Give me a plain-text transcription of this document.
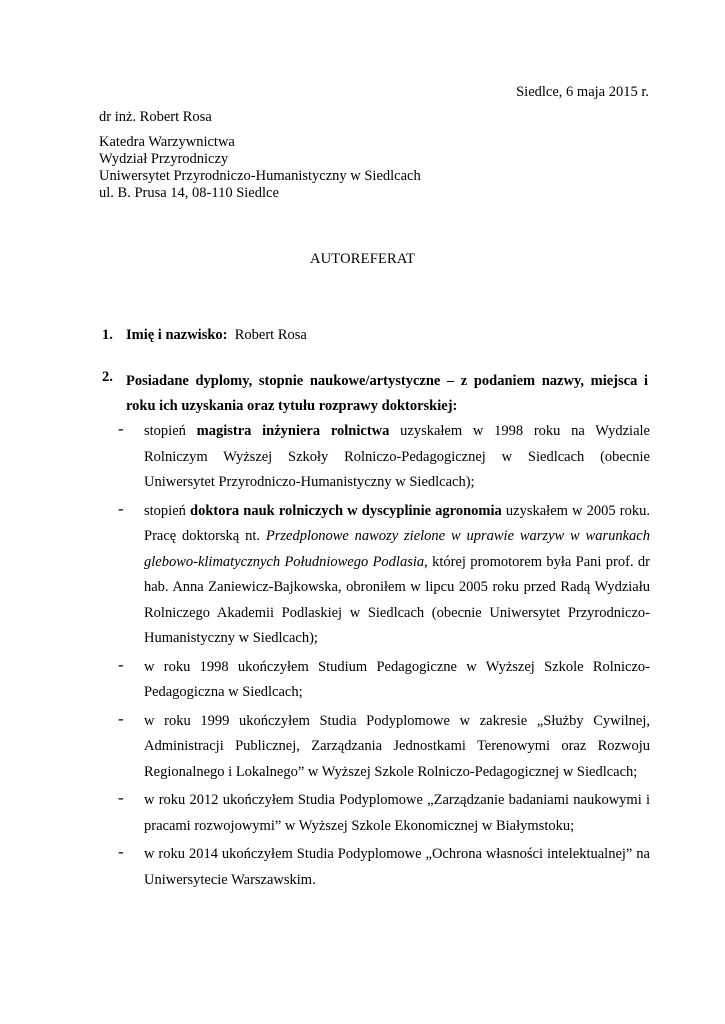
Siedlce, 6 maja 2015 r.
dr inż. Robert Rosa
Katedra Warzywnictwa
Wydział Przyrodniczy
Uniwersytet Przyrodniczo-Humanistyczny w Siedlcach
ul. B. Prusa 14, 08-110 Siedlce
AUTOREFERAT
1. Imię i nazwisko: Robert Rosa
2. Posiadane dyplomy, stopnie naukowe/artystyczne – z podaniem nazwy, miejsca i roku ich uzyskania oraz tytułu rozprawy doktorskiej:
- stopień magistra inżyniera rolnictwa uzyskałem w 1998 roku na Wydziale Rolniczym Wyższej Szkoły Rolniczo-Pedagogicznej w Siedlcach (obecnie Uniwersytet Przyrodniczo-Humanistyczny w Siedlcach);
- stopień doktora nauk rolniczych w dyscyplinie agronomia uzyskałem w 2005 roku. Pracę doktorską nt. Przedplonowe nawozy zielone w uprawie warzyw w warunkach glebowo-klimatycznych Południowego Podlasia, której promotorem była Pani prof. dr hab. Anna Zaniewicz-Bajkowska, obroniłem w lipcu 2005 roku przed Radą Wydziału Rolniczego Akademii Podlaskiej w Siedlcach (obecnie Uniwersytet Przyrodniczo-Humanistyczny w Siedlcach);
- w roku 1998 ukończyłem Studium Pedagogiczne w Wyższej Szkole Rolniczo-Pedagogiczna w Siedlcach;
- w roku 1999 ukończyłem Studia Podyplomowe w zakresie „Służby Cywilnej, Administracji Publicznej, Zarządzania Jednostkami Terenowymi oraz Rozwoju Regionalnego i Lokalnego” w Wyższej Szkole Rolniczo-Pedagogicznej w Siedlcach;
- w roku 2012 ukończyłem Studia Podyplomowe „Zarządzanie badaniami naukowymi i pracami rozwojowymi” w Wyższej Szkole Ekonomicznej w Białymstoku;
- w roku 2014 ukończyłem Studia Podyplomowe „Ochrona własności intelektualnej” na Uniwersytecie Warszawskim.
